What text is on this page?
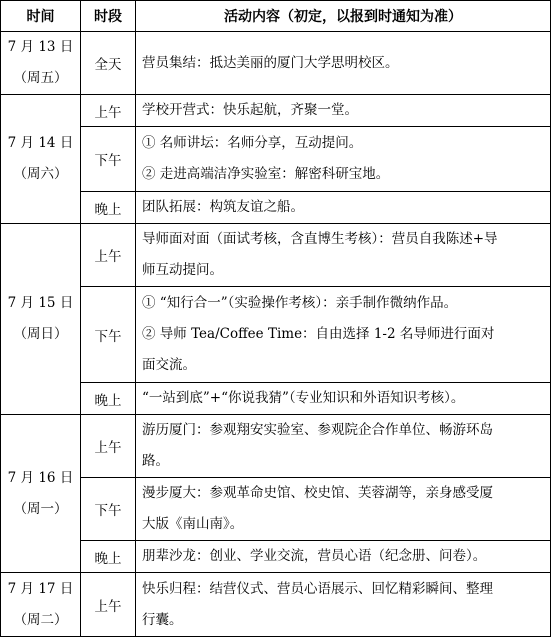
时间	时段	活动内容（初定，以报到时通知为准）

7 月 13 日
（周五）	全天	营员集结：抵达美丽的厦门大学思明校区。

7 月 14 日
（周六）	上午	学校开营式：快乐起航，齐聚一堂。

	下午	① 名师讲坛：名师分享，互动提问。
② 走进高端洁净实验室：解密科研宝地。

	晚上	团队拓展：构筑友谊之船。

7 月 15 日
（周日）	上午	导师面对面（面试考核，含直博生考核）：营员自我陈述+导
师互动提问。

	下午	① “知行合一”（实验操作考核）：亲手制作微纳作品。
② 导师 Tea/Coffee Time：自由选择 1-2 名导师进行面对
面交流。

	晚上	“一站到底”+“你说我猜”（专业知识和外语知识考核）。

7 月 16 日
（周一）	上午	游历厦门：参观翔安实验室、参观院企合作单位、畅游环岛
路。

	下午	漫步厦大：参观革命史馆、校史馆、芙蓉湖等，亲身感受厦
大版《南山南》。

	晚上	朋辈沙龙：创业、学业交流，营员心语（纪念册、问卷）。

7 月 17 日
（周二）	上午	快乐归程：结营仪式、营员心语展示、回忆精彩瞬间、整理
行囊。
